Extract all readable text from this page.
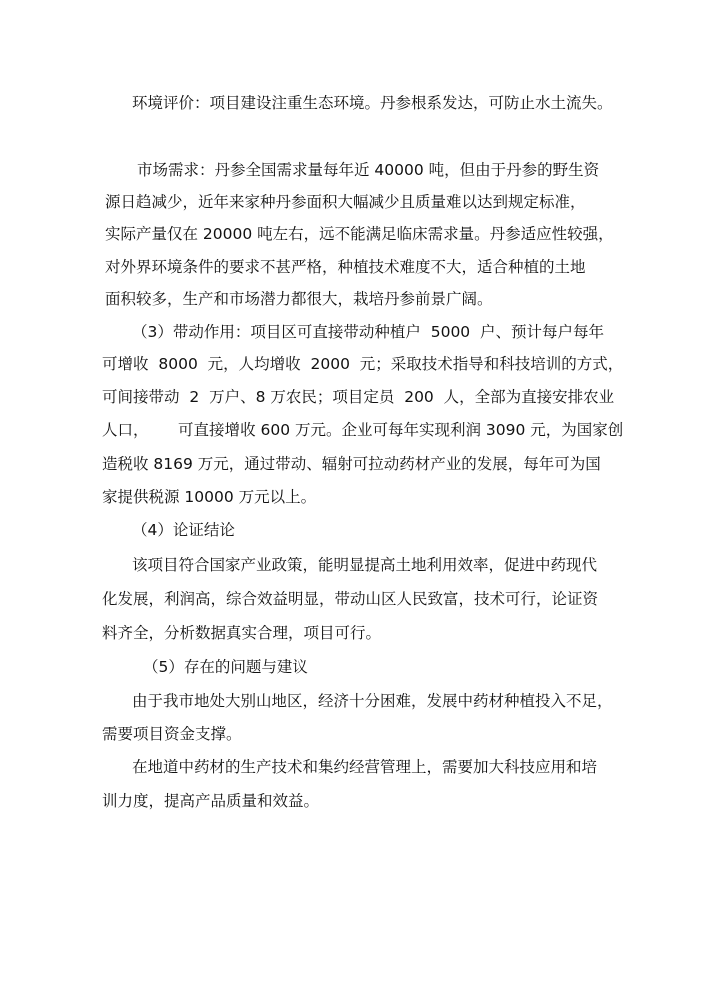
环境评价：项目建设注重生态环境。丹参根系发达，可防止水土流失。
市场需求：丹参全国需求量每年近 40000 吨，但由于丹参的野生资
源日趋减少，近年来家种丹参面积大幅减少且质量难以达到规定标准，
实际产量仅在 20000 吨左右，远不能满足临床需求量。丹参适应性较强，
对外界环境条件的要求不甚严格，种植技术难度不大，适合种植的土地
面积较多，生产和市场潜力都很大，栽培丹参前景广阔。
（3）带动作用：项目区可直接带动种植户  5000  户、预计每户每年
可增收  8000  元，人均增收  2000  元；采取技术指导和科技培训的方式，
可间接带动  2  万户、8 万农民；项目定员  200  人，全部为直接安排农业
人口，      可直接增收 600 万元。企业可每年实现利润 3090 元，为国家创
造税收 8169 万元，通过带动、辐射可拉动药材产业的发展，每年可为国
家提供税源 10000 万元以上。
（4）论证结论
该项目符合国家产业政策，能明显提高土地利用效率，促进中药现代
化发展，利润高，综合效益明显，带动山区人民致富，技术可行，论证资
料齐全，分析数据真实合理，项目可行。
（5）存在的问题与建议
由于我市地处大别山地区，经济十分困难，发展中药材种植投入不足，
需要项目资金支撑。
在地道中药材的生产技术和集约经营管理上，需要加大科技应用和培
训力度，提高产品质量和效益。
